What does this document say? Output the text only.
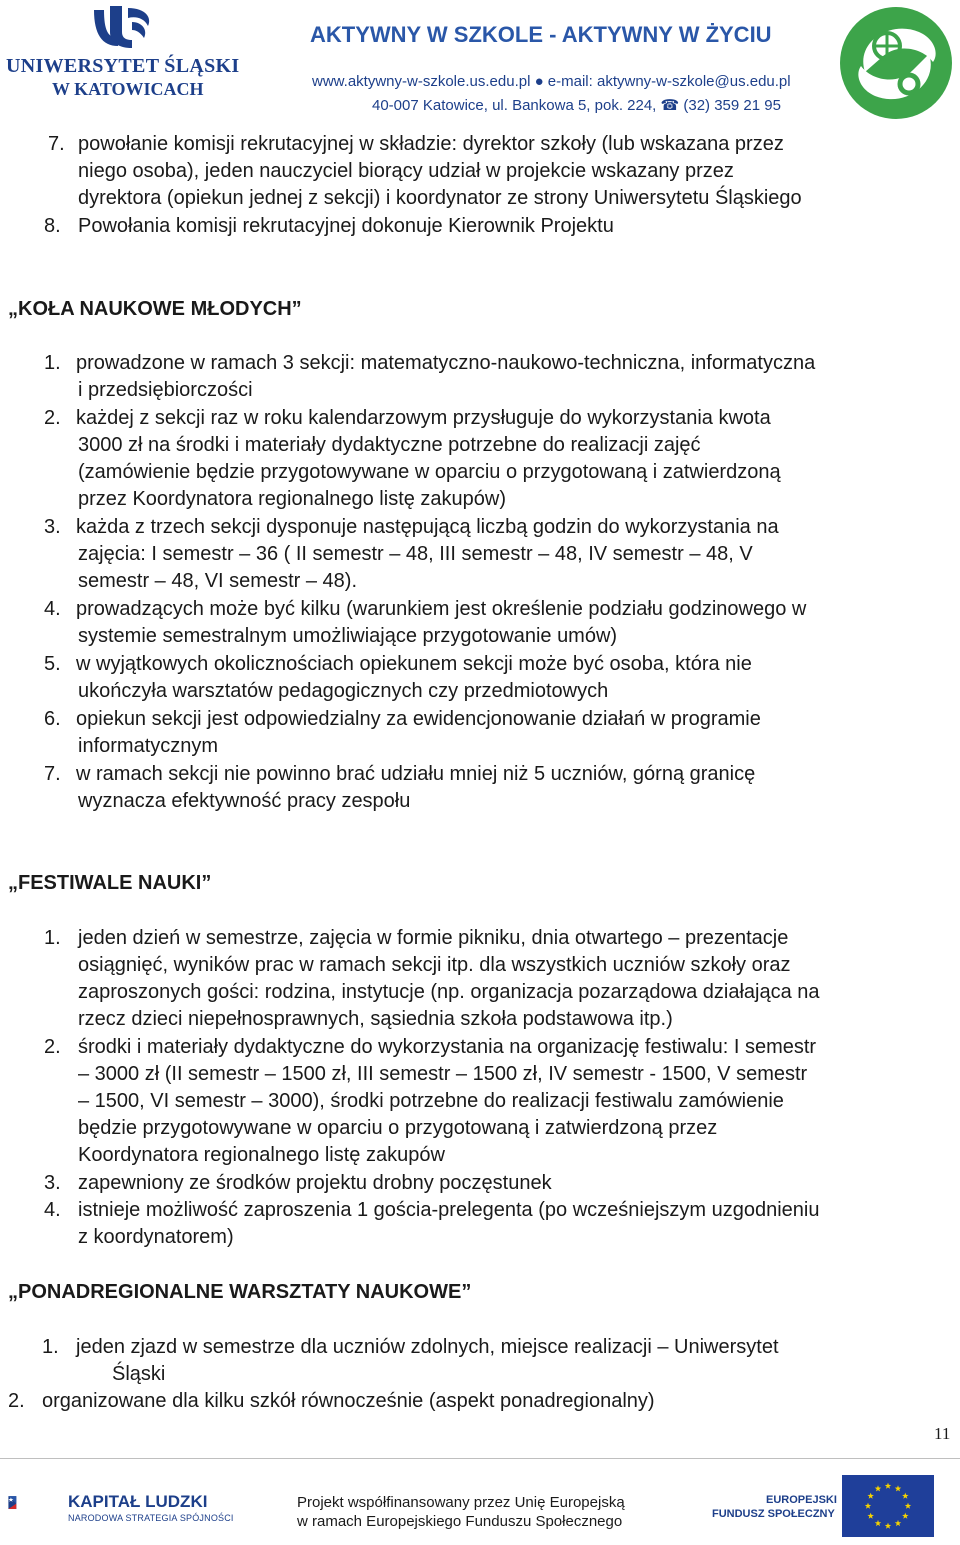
UNIWERSYTET ŚLĄSKI
W KATOWICACH
AKTYWNY W SZKOLE - AKTYWNY W ŻYCIU
www.aktywny-w-szkole.us.edu.pl ● e-mail: aktywny-w-szkole@us.edu.pl
40-007 Katowice, ul. Bankowa 5, pok. 224, ☎ (32) 359 21 95
7. powołanie komisji rekrutacyjnej w składzie: dyrektor szkoły (lub wskazana przez
niego osoba), jeden nauczyciel biorący udział w projekcie wskazany przez
dyrektora (opiekun jednej z sekcji) i koordynator ze strony Uniwersytetu Śląskiego
8. Powołania komisji rekrutacyjnej dokonuje Kierownik Projektu
„KOŁA NAUKOWE MŁODYCH”
1. prowadzone w ramach 3 sekcji: matematyczno-naukowo-techniczna, informatyczna
i przedsiębiorczości
2. każdej z sekcji raz w roku kalendarzowym przysługuje do wykorzystania kwota
3000 zł na środki i materiały dydaktyczne potrzebne do realizacji zajęć
(zamówienie będzie przygotowywane w oparciu o przygotowaną i zatwierdzoną
przez Koordynatora regionalnego listę zakupów)
3. każda z trzech sekcji dysponuje następującą liczbą godzin do wykorzystania na
zajęcia: I semestr – 36 ( II semestr – 48, III semestr – 48, IV semestr – 48, V
semestr – 48, VI semestr – 48).
4. prowadzących może być kilku (warunkiem jest określenie podziału godzinowego w
systemie semestralnym umożliwiające przygotowanie umów)
5. w wyjątkowych okolicznościach opiekunem sekcji może być osoba, która nie
ukończyła warsztatów pedagogicznych czy przedmiotowych
6. opiekun sekcji jest odpowiedzialny za ewidencjonowanie działań w programie
informatycznym
7. w ramach sekcji nie powinno brać udziału mniej niż 5 uczniów, górną granicę
wyznacza efektywność pracy zespołu
„FESTIWALE NAUKI”
1. jeden dzień w semestrze, zajęcia w formie pikniku, dnia otwartego – prezentacje
osiągnięć, wyników prac w ramach sekcji itp. dla wszystkich uczniów szkoły oraz
zaproszonych gości: rodzina, instytucje (np. organizacja pozarządowa działająca na
rzecz dzieci niepełnosprawnych, sąsiednia szkoła podstawowa itp.)
2. środki i materiały dydaktyczne do wykorzystania na organizację festiwalu: I semestr
– 3000 zł (II semestr – 1500 zł, III semestr – 1500 zł, IV semestr - 1500, V semestr
– 1500, VI semestr – 3000), środki potrzebne do realizacji festiwalu zamówienie
będzie przygotowywane w oparciu o przygotowaną i zatwierdzoną przez
Koordynatora regionalnego listę zakupów
3. zapewniony ze środków projektu drobny poczęstunek
4. istnieje możliwość zaproszenia 1 gościa-prelegenta (po wcześniejszym uzgodnieniu
z koordynatorem)
„PONADREGIONALNE WARSZTATY NAUKOWE”
1. jeden zjazd w semestrze dla uczniów zdolnych, miejsce realizacji – Uniwersytet
Śląski
2. organizowane dla kilku szkół równocześnie (aspekt ponadregionalny)
11
KAPITAŁ LUDZKI
NARODOWA STRATEGIA SPÓJNOŚCI
Projekt współfinansowany przez Unię Europejską
w ramach Europejskiego Funduszu Społecznego
EUROPEJSKI
FUNDUSZ SPOŁECZNY
